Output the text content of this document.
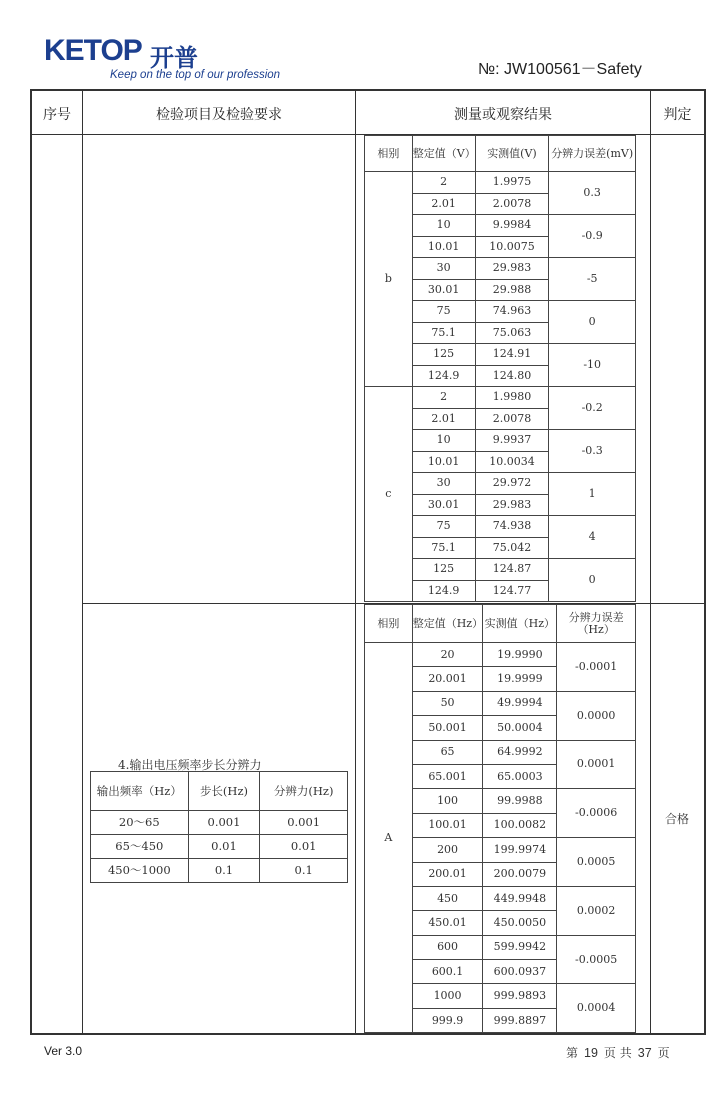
KETOP 开普
Keep on the top of our profession	№: JW100561－Safety
序号	检验项目及检验要求	测量或观察结果	判定
相别	整定值（V）	实测值(V)	分辨力误差(mV)
b	2	1.9975	0.3
	2.01	2.0078	
	10	9.9984	-0.9
	10.01	10.0075	
	30	29.983	-5
	30.01	29.988	
	75	74.963	0
	75.1	75.063	
	125	124.91	-10
	124.9	124.80	
c	2	1.9980	-0.2
	2.01	2.0078	
	10	9.9937	-0.3
	10.01	10.0034	
	30	29.972	1
	30.01	29.983	
	75	74.938	4
	75.1	75.042	
	125	124.87	0
	124.9	124.77	
4.输出电压频率步长分辨力
输出频率（Hz）	步长(Hz)	分辨力(Hz)
20～65	0.001	0.001
65～450	0.01	0.01
450～1000	0.1	0.1
相别	整定值（Hz）	实测值（Hz）	分辨力误差（Hz）
A	20	19.9990	-0.0001
	20.001	19.9999	
	50	49.9994	0.0000
	50.001	50.0004	
	65	64.9992	0.0001
	65.001	65.0003	
	100	99.9988	-0.0006
	100.01	100.0082	
	200	199.9974	0.0005
	200.01	200.0079	
	450	449.9948	0.0002
	450.01	450.0050	
	600	599.9942	-0.0005
	600.1	600.0937	
	1000	999.9893	0.0004
	999.9	999.8897	
合格
Ver 3.0	第 19 页 共 37 页
